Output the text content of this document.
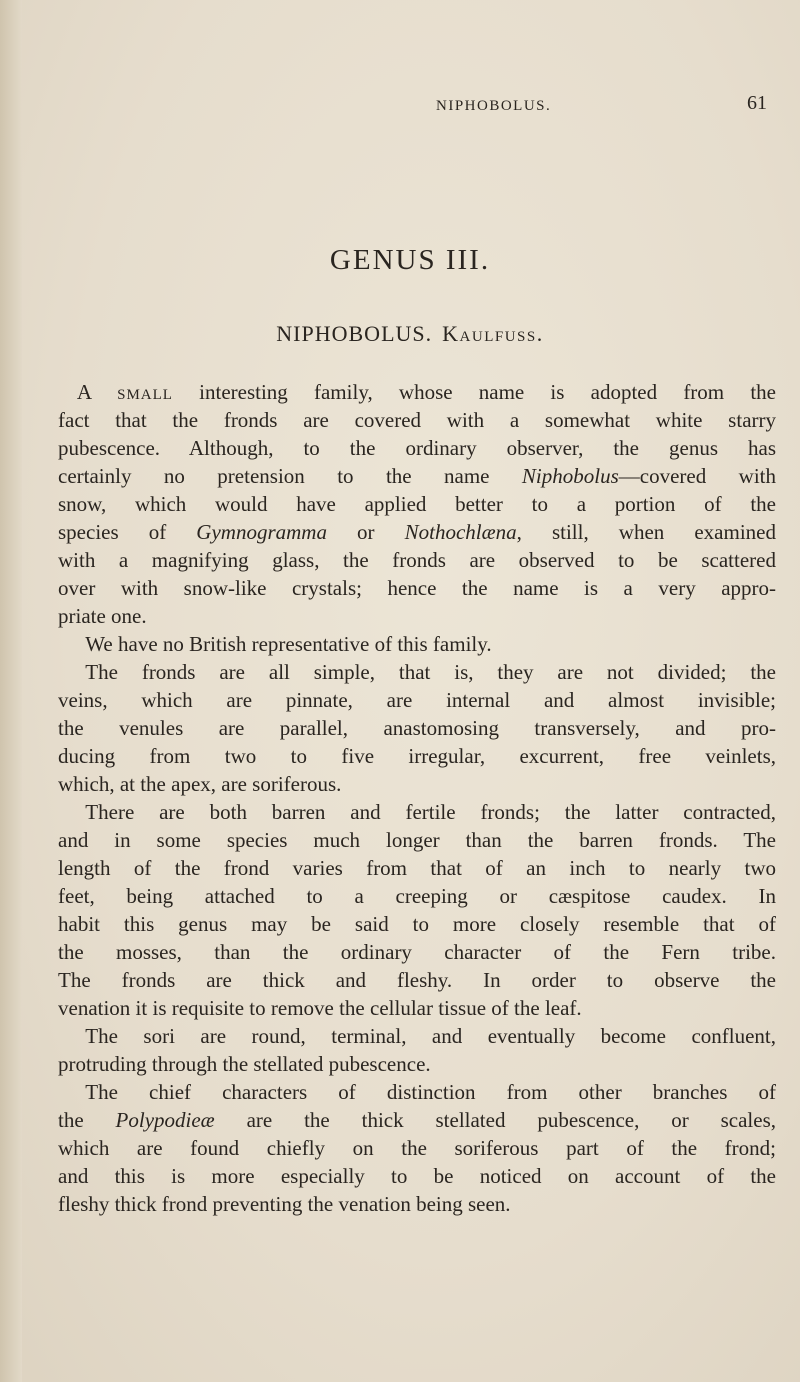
NIPHOBOLUS.	61
GENUS III.
NIPHOBOLUS. Kaulfuss.

A small interesting family, whose name is adopted from the
fact that the fronds are covered with a somewhat white starry
pubescence. Although, to the ordinary observer, the genus has
certainly no pretension to the name Niphobolus—covered with
snow, which would have applied better to a portion of the
species of Gymnogramma or Nothochlæna, still, when examined
with a magnifying glass, the fronds are observed to be scattered
over with snow-like crystals; hence the name is a very appro-
priate one.

We have no British representative of this family.

The fronds are all simple, that is, they are not divided; the
veins, which are pinnate, are internal and almost invisible;
the venules are parallel, anastomosing transversely, and pro-
ducing from two to five irregular, excurrent, free veinlets,
which, at the apex, are soriferous.

There are both barren and fertile fronds; the latter contracted,
and in some species much longer than the barren fronds. The
length of the frond varies from that of an inch to nearly two
feet, being attached to a creeping or cæspitose caudex. In
habit this genus may be said to more closely resemble that of
the mosses, than the ordinary character of the Fern tribe.
The fronds are thick and fleshy. In order to observe the
venation it is requisite to remove the cellular tissue of the leaf.

The sori are round, terminal, and eventually become confluent,
protruding through the stellated pubescence.

The chief characters of distinction from other branches of
the Polypodieæ are the thick stellated pubescence, or scales,
which are found chiefly on the soriferous part of the frond;
and this is more especially to be noticed on account of the
fleshy thick frond preventing the venation being seen.
